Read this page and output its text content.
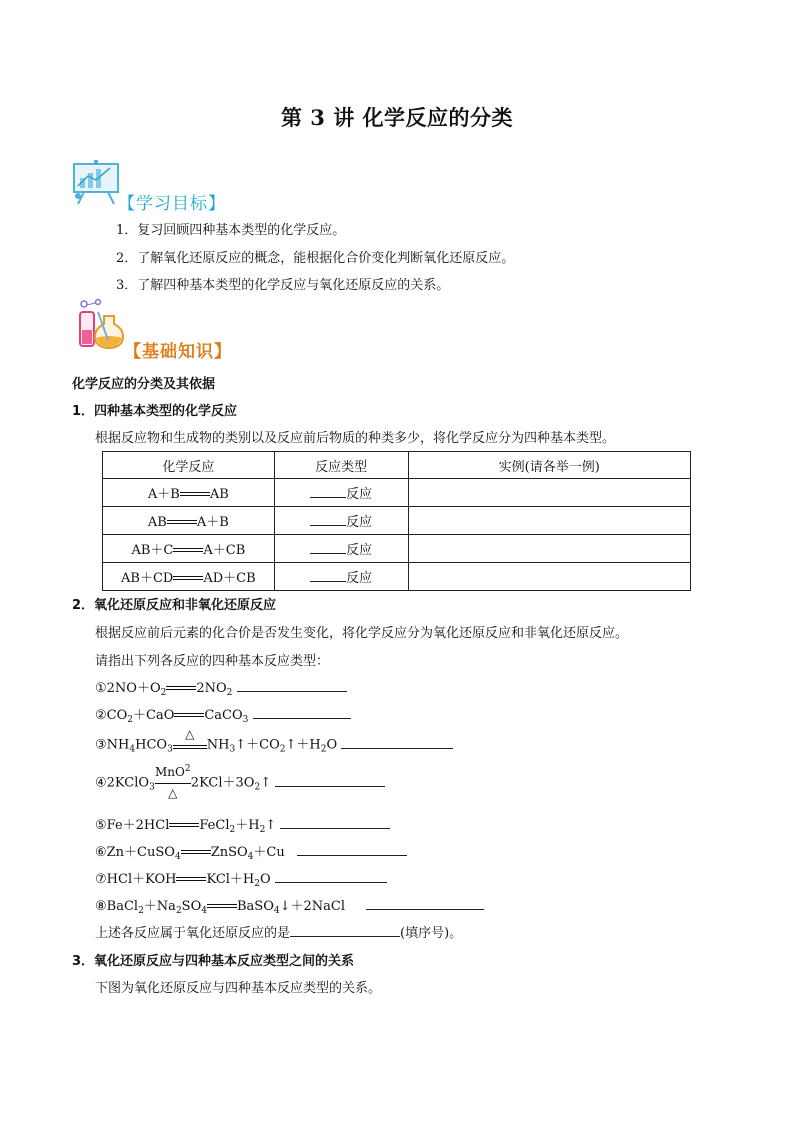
第 3 讲 化学反应的分类
【学习目标】
1．复习回顾四种基本类型的化学反应。
2．了解氧化还原反应的概念，能根据化合价变化判断氧化还原反应。
3．了解四种基本类型的化学反应与氧化还原反应的关系。
【基础知识】
化学反应的分类及其依据
1．四种基本类型的化学反应
根据反应物和生成物的类别以及反应前后物质的种类多少，将化学反应分为四种基本类型。
化学反应	反应类型	实例(请各举一例)
A＋B AB	反应	
AB A＋B	反应	
AB＋C A＋CB	反应	
AB＋CD AD＋CB	反应	
2．氧化还原反应和非氧化还原反应
根据反应前后元素的化合价是否发生变化，将化学反应分为氧化还原反应和非氧化还原反应。
请指出下列各反应的四种基本反应类型：
$①2NO+O_2$ $2NO_2$
$②CO_2+CaO$ CaCO$_3$
$③NH_4HCO_3$
△
$NH_3↑+CO_2↑+H_2O$
④2KClO$_3$
MnO$^2$
△
$2KCl+3O_2↑$
⑤Fe＋2HCl $FeCl_2+H_2↑$
⑥Zn＋CuSO$_4$ ZnSO$_4$＋Cu
⑦HCl＋KOH $KCl+H_2O$
$⑧BaCl_2+Na_2SO_4$ BaSO$_4$↓＋2NaCl
上述各反应属于氧化还原反应的是	(填序号)。
3．氧化还原反应与四种基本反应类型之间的关系
下图为氧化还原反应与四种基本反应类型的关系。
